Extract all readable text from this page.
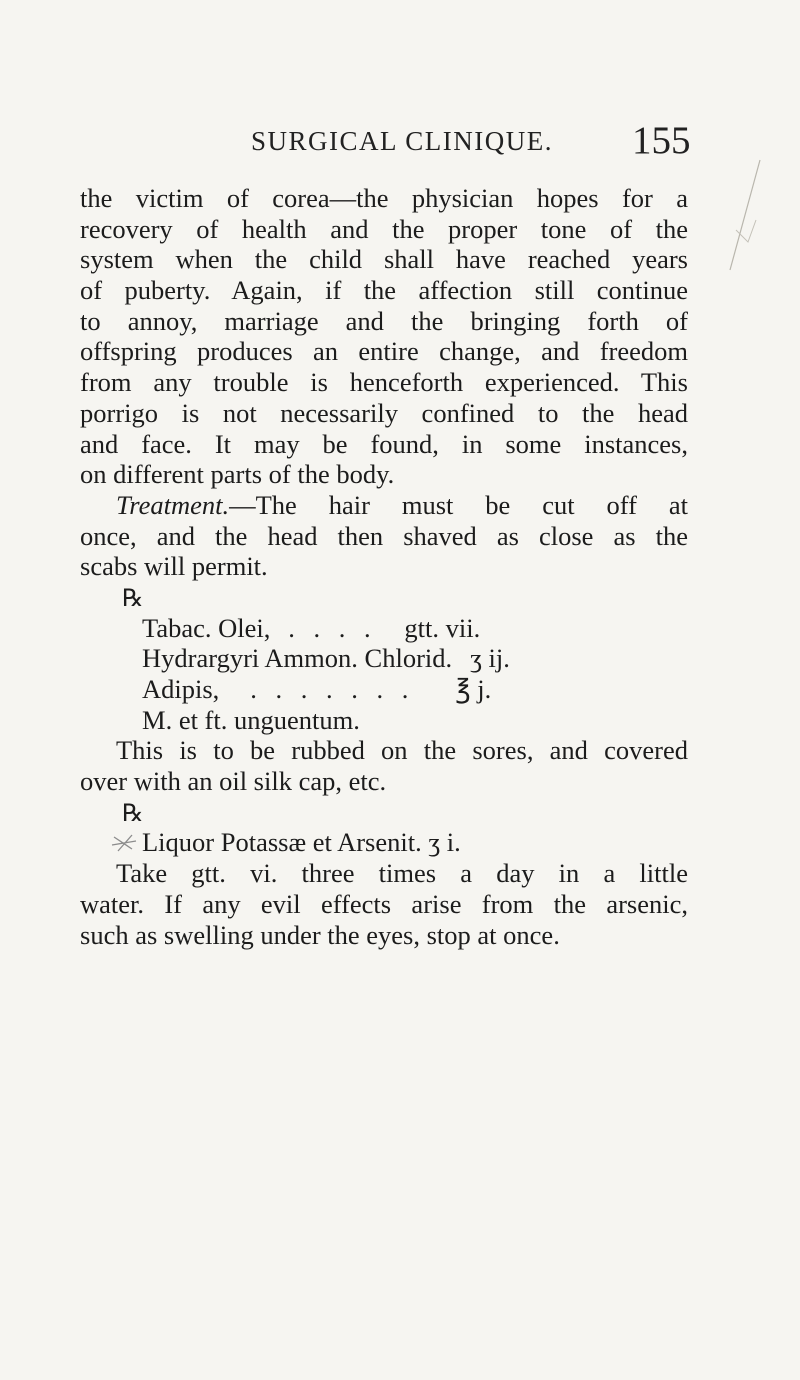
SURGICAL CLINIQUE. 155
the victim of corea—the physician hopes for a
recovery of health and the proper tone of the
system when the child shall have reached years
of puberty. Again, if the affection still continue
to annoy, marriage and the bringing forth of
offspring produces an entire change, and freedom
from any trouble is henceforth experienced. This
porrigo is not necessarily confined to the head
and face. It may be found, in some instances,
on different parts of the body.
Treatment. —The hair must be cut off at
once, and the head then shaved as close as the
scabs will permit.
℞
Tabac. Olei, . . . .	gtt. vii.
Hydrargyri Ammon. Chlorid. ʒ ij.
Adipis,	. . . . . . .	℥ j.
M. et ft. unguentum.
This is to be rubbed on the sores, and covered
over with an oil silk cap, etc.
℞
Liquor Potassæ et Arsenit. ʒ i.
Take gtt. vi. three times a day in a little
water. If any evil effects arise from the arsenic,
such as swelling under the eyes, stop at once.
